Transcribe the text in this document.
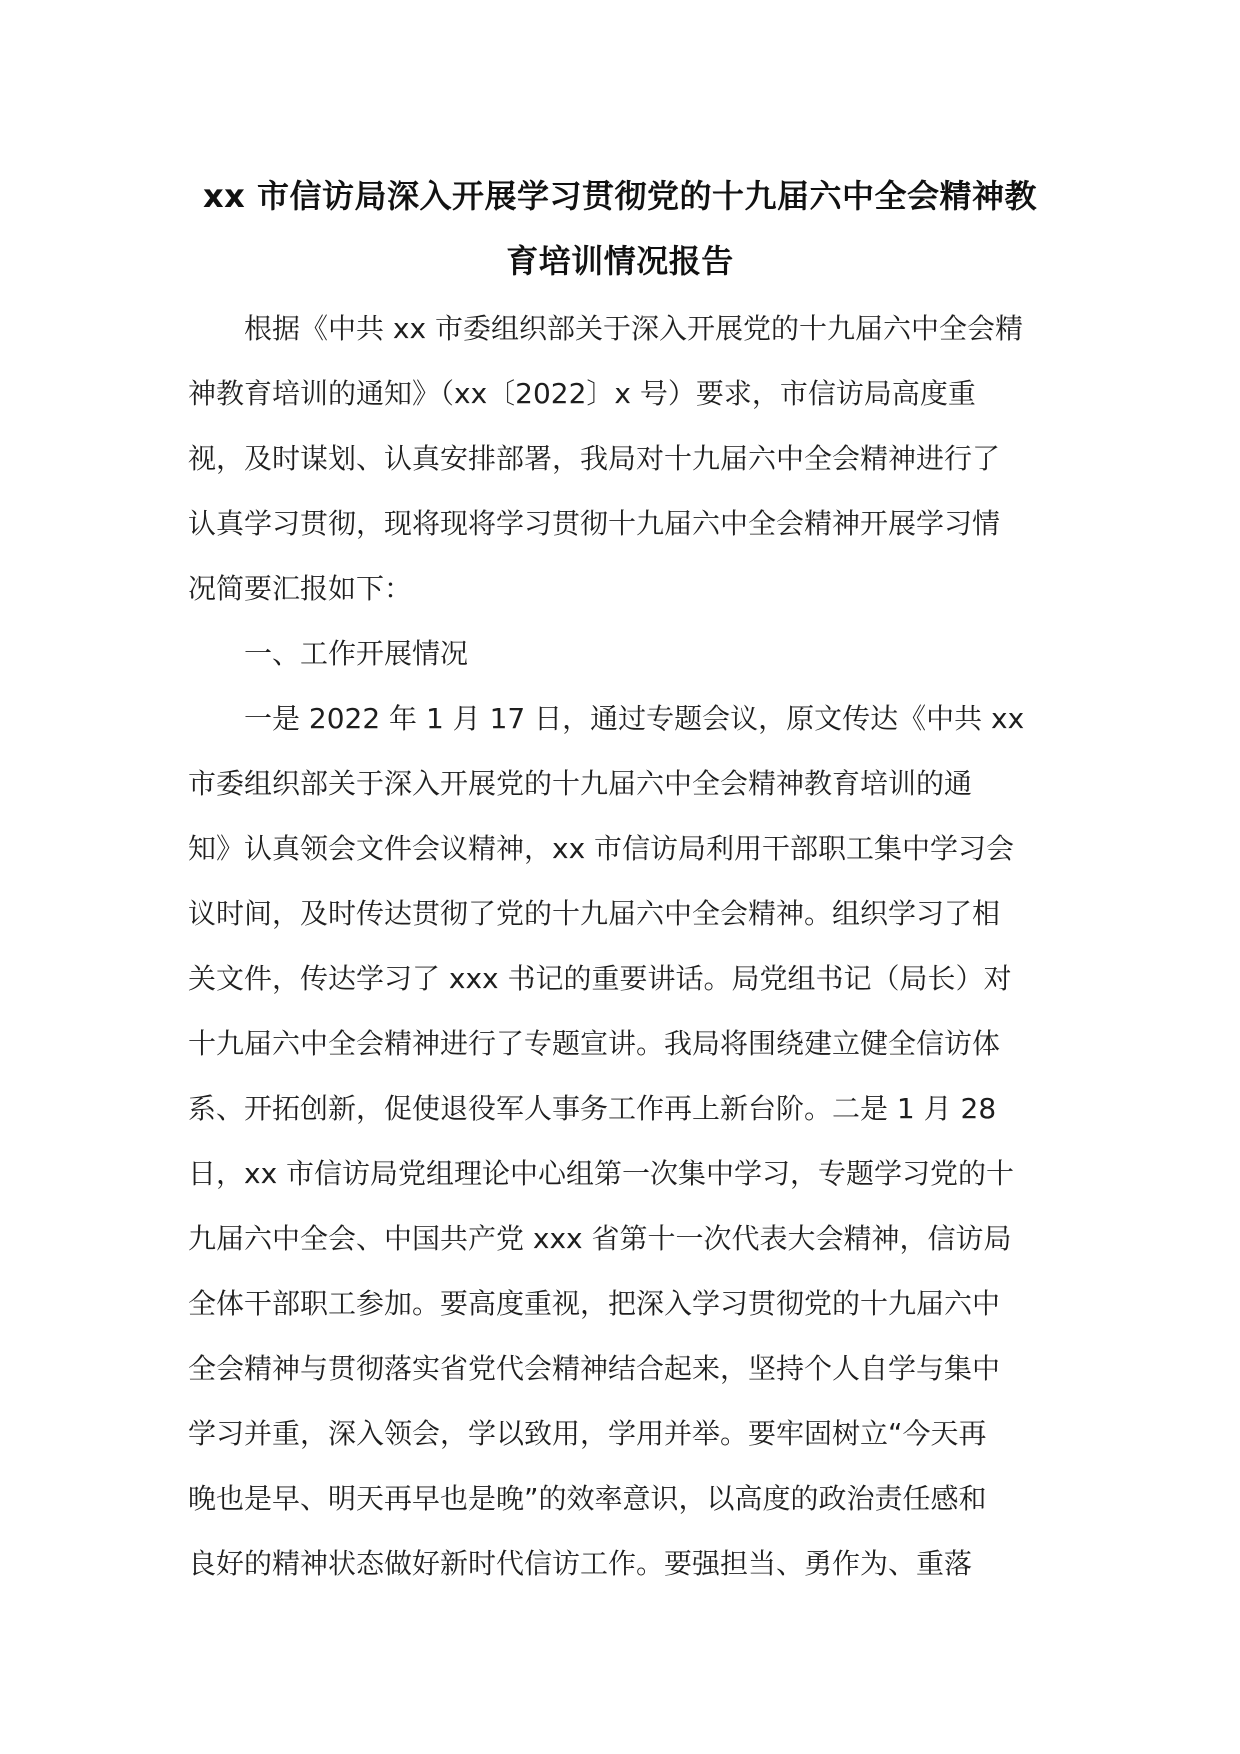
xx 市信访局深入开展学习贯彻党的十九届六中全会精神教
育培训情况报告

根据《中共 xx 市委组织部关于深入开展党的十九届六中全会精
神教育培训的通知》（xx〔2022〕x 号）要求，市信访局高度重
视，及时谋划、认真安排部署，我局对十九届六中全会精神进行了
认真学习贯彻，现将现将学习贯彻十九届六中全会精神开展学习情
况简要汇报如下：

一、工作开展情况

一是 2022 年 1 月 17 日，通过专题会议，原文传达《中共 xx
市委组织部关于深入开展党的十九届六中全会精神教育培训的通
知》认真领会文件会议精神，xx 市信访局利用干部职工集中学习会
议时间，及时传达贯彻了党的十九届六中全会精神。组织学习了相
关文件，传达学习了 xxx 书记的重要讲话。局党组书记（局长）对
十九届六中全会精神进行了专题宣讲。我局将围绕建立健全信访体
系、开拓创新，促使退役军人事务工作再上新台阶。二是 1 月 28
日，xx 市信访局党组理论中心组第一次集中学习，专题学习党的十
九届六中全会、中国共产党 xxx 省第十一次代表大会精神，信访局
全体干部职工参加。要高度重视，把深入学习贯彻党的十九届六中
全会精神与贯彻落实省党代会精神结合起来，坚持个人自学与集中
学习并重，深入领会，学以致用，学用并举。要牢固树立“今天再
晚也是早、明天再早也是晚”的效率意识，以高度的政治责任感和
良好的精神状态做好新时代信访工作。要强担当、勇作为、重落
